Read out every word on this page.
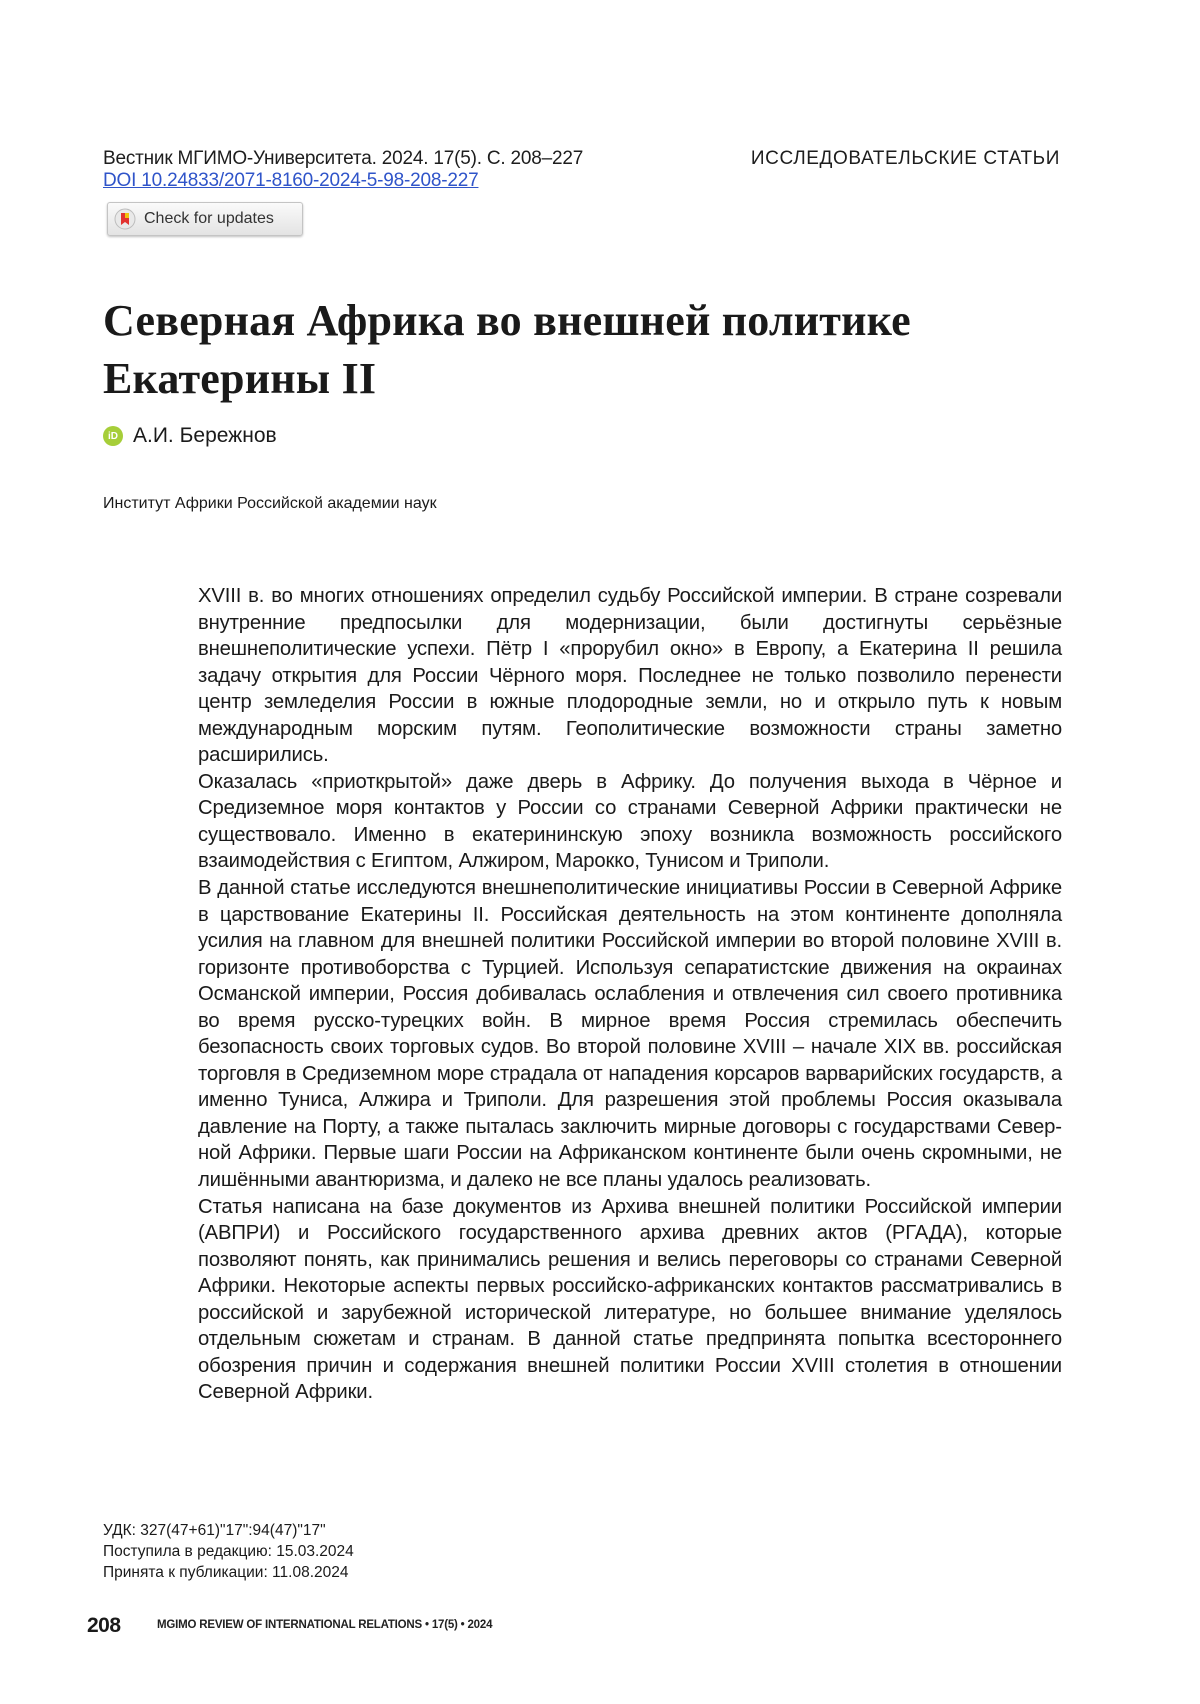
Вестник МГИМО-Университета. 2024. 17(5). С. 208–227	ИССЛЕДОВАТЕЛЬСКИЕ СТАТЬИ
DOI 10.24833/2071-8160-2024-5-98-208-227
Check for updates
Северная Африка во внешней политике
Екатерины II
iD А.И. Бережнов
Институт Африки Российской академии наук

XVIII в. во многих отношениях определил судьбу Российской империи. В стране созревали внутренние предпосылки для модернизации, были достигнуты серьёз­ные внешнеполитические успехи. Пётр I «прорубил окно» в Европу, а Екатерина II решила задачу открытия для России Чёрного моря. Последнее не только позволи­ло перенести центр земледелия России в южные плодородные земли, но и откры­ло путь к новым международным морским путям. Геополитические возможности страны заметно расширились.

Оказалась «приоткрытой» даже дверь в Африку. До получения выхода в Чёрное и Средиземное моря контактов у России со странами Северной Африки практи­чески не существовало. Именно в екатерининскую эпоху возникла возможность российского взаимодействия с Египтом, Алжиром, Марокко, Тунисом и Триполи.

В данной статье исследуются внешнеполитические инициативы России в Север­ной Африке в царствование Екатерины II. Российская деятельность на этом кон­тиненте дополняла усилия на главном для внешней политики Российской импе­рии во второй половине XVIII в. горизонте противоборства с Турцией. Используя сепаратистские движения на окраинах Османской империи, Россия добивалась ослабления и отвлечения сил своего противника во время русско-турецких войн. В мирное время Россия стремилась обеспечить безопасность своих торговых су­дов. Во второй половине XVIII – начале XIX вв. российская торговля в Средиземном море страдала от нападения корсаров варварийских государств, а именно Туниса, Алжира и Триполи. Для разрешения этой проблемы Россия оказывала давление на Порту, а также пыталась заключить мирные договоры с государствами Север­ной Африки. Первые шаги России на Африканском континенте были очень скром­ными, не лишёнными авантюризма, и далеко не все планы удалось реализовать.

Статья написана на базе документов из Архива внешней политики Российской империи (АВПРИ) и Российского государственного архива древних актов (РГАДА), которые позволяют понять, как принимались решения и велись переговоры со странами Северной Африки. Некоторые аспекты первых российско-африканских контактов рассматривались в российской и зарубежной исторической литерату­ре, но большее внимание уделялось отдельным сюжетам и странам. В данной ста­тье предпринята попытка всестороннего обозрения причин и содержания внеш­ней политики России XVIII столетия в отношении Северной Африки.

УДК: 327(47+61)"17":94(47)"17"
Поступила в редакцию: 15.03.2024
Принята к публикации: 11.08.2024
208	MGIMO REVIEW OF INTERNATIONAL RELATIONS • 17(5) • 2024
